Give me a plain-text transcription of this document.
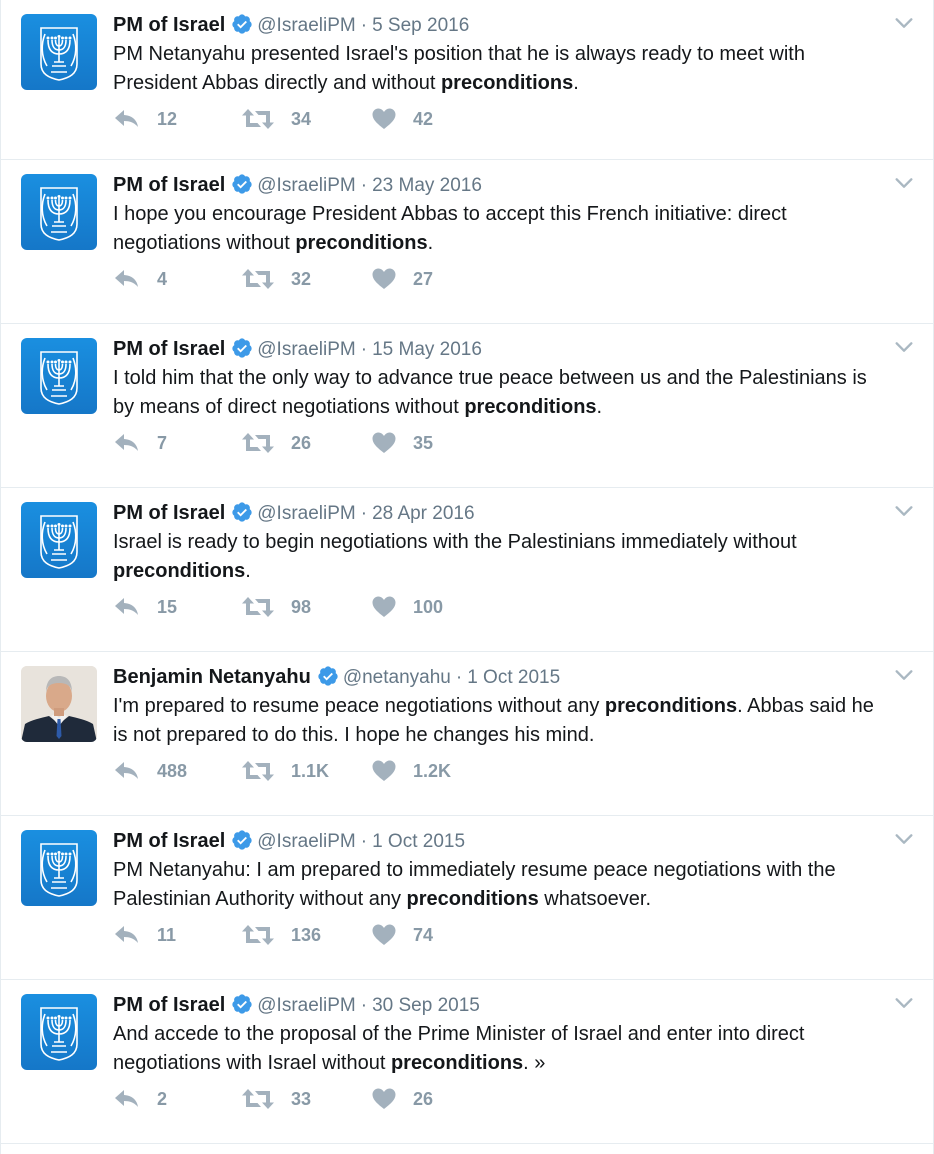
PM of Israel @IsraeliPM · 5 Sep 2016
PM Netanyahu presented Israel's position that he is always ready to meet with President Abbas directly and without preconditions.
12	34	42
PM of Israel @IsraeliPM · 23 May 2016
I hope you encourage President Abbas to accept this French initiative: direct negotiations without preconditions.
4	32	27
PM of Israel @IsraeliPM · 15 May 2016
I told him that the only way to advance true peace between us and the Palestinians is by means of direct negotiations without preconditions.
7	26	35
PM of Israel @IsraeliPM · 28 Apr 2016
Israel is ready to begin negotiations with the Palestinians immediately without preconditions.
15	98	100
Benjamin Netanyahu @netanyahu · 1 Oct 2015
I'm prepared to resume peace negotiations without any preconditions. Abbas said he is not prepared to do this. I hope he changes his mind.
488	1.1K	1.2K
PM of Israel @IsraeliPM · 1 Oct 2015
PM Netanyahu: I am prepared to immediately resume peace negotiations with the Palestinian Authority without any preconditions whatsoever.
11	136	74
PM of Israel @IsraeliPM · 30 Sep 2015
And accede to the proposal of the Prime Minister of Israel and enter into direct negotiations with Israel without preconditions. »
2	33	26
